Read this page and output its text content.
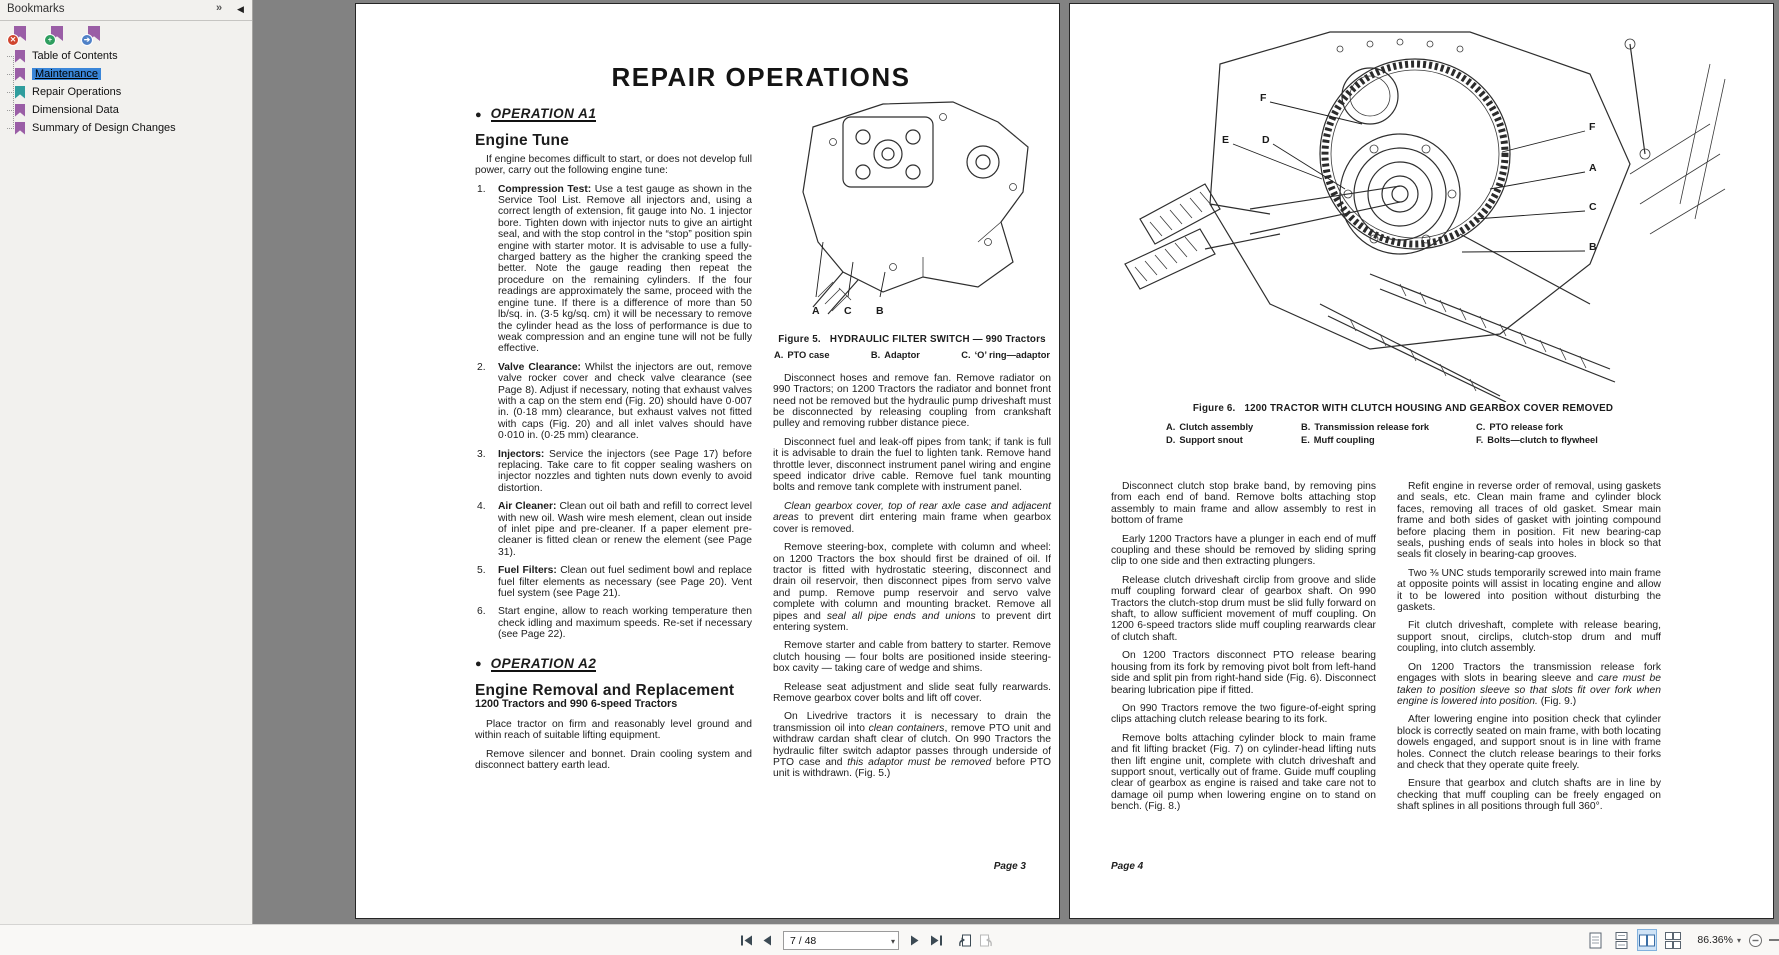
Bookmarks	» ◀
✕	+	➔
Table of Contents
Maintenance
Repair Operations
Dimensional Data
Summary of Design Changes
REPAIR OPERATIONS
● OPERATION A1
Engine Tune

If engine becomes difficult to start, or does not develop full power, carry out the following engine tune:

1.	Compression Test: Use a test gauge as shown in the Service Tool List. Remove all injectors and, using a correct length of extension, fit gauge into No. 1 injector bore. Tighten down with injector nuts to give an airtight seal, and with the stop control in the “stop” position spin engine with starter motor. It is advisable to use a fully-charged battery as the higher the cranking speed the better. Note the gauge reading then repeat the procedure on the remaining cylinders. If the four readings are approximately the same, proceed with the engine tune. If there is a difference of more than 50 lb/sq. in. (3·5 kg/sq. cm) it will be necessary to remove the cylinder head as the loss of performance is due to weak compression and an engine tune will not be fully effective.
2.	Valve Clearance: Whilst the injectors are out, remove valve rocker cover and check valve clearance (see Page 8). Adjust if necessary, noting that exhaust valves with a cap on the stem end (Fig. 20) should have 0·007 in. (0·18 mm) clearance, but exhaust valves not fitted with caps (Fig. 20) and all inlet valves should have 0·010 in. (0·25 mm) clearance.
3.	Injectors: Service the injectors (see Page 17) before replacing. Take care to fit copper sealing washers on injector nozzles and tighten nuts down evenly to avoid distortion.
4.	Air Cleaner: Clean out oil bath and refill to correct level with new oil. Wash wire mesh element, clean out inside of inlet pipe and pre-cleaner. If a paper element pre-cleaner is fitted clean or renew the element (see Page 31).
5.	Fuel Filters: Clean out fuel sediment bowl and replace fuel filter elements as necessary (see Page 20). Vent fuel system (see Page 21).
6.	Start engine, allow to reach working temperature then check idling and maximum speeds. Re-set if necessary (see Page 22).
● OPERATION A2
Engine Removal and Replacement
1200 Tractors and 990 6-speed Tractors

Place tractor on firm and reasonably level ground and within reach of suitable lifting equipment.

Remove silencer and bonnet. Drain cooling system and disconnect battery earth lead.

A C B
Figure 5. HYDRAULIC FILTER SWITCH — 990 Tractors
A. PTO case	B. Adaptor	C. ‘O’ ring—adaptor

Disconnect hoses and remove fan. Remove radiator on 990 Tractors; on 1200 Tractors the radiator and bonnet front need not be removed but the hydraulic pump driveshaft must be disconnected by releasing coupling from crankshaft pulley and removing rubber distance piece.

Disconnect fuel and leak-off pipes from tank; if tank is full it is advisable to drain the fuel to lighten tank. Remove hand throttle lever, disconnect instrument panel wiring and engine speed indicator drive cable. Remove fuel tank mounting bolts and remove tank complete with instrument panel.

Clean gearbox cover, top of rear axle case and adjacent areas to prevent dirt entering main frame when gearbox cover is removed.

Remove steering-box, complete with column and wheel: on 1200 Tractors the box should first be drained of oil. If tractor is fitted with hydrostatic steering, disconnect and drain oil reservoir, then disconnect pipes from servo valve and pump. Remove pump reservoir and servo valve complete with column and mounting bracket. Remove all pipes and seal all pipe ends and unions to prevent dirt entering system.

Remove starter and cable from battery to starter. Remove clutch housing — four bolts are positioned inside steering-box cavity — taking care of wedge and shims.

Release seat adjustment and slide seat fully rearwards. Remove gearbox cover bolts and lift off cover.

On Livedrive tractors it is necessary to drain the transmission oil into clean containers, remove PTO unit and withdraw cardan shaft clear of clutch. On 990 Tractors the hydraulic filter switch adaptor passes through underside of PTO case and this adaptor must be removed before PTO unit is withdrawn. (Fig. 5.)

Page 3
F
E	D
F
A
C
B
Figure 6. 1200 TRACTOR WITH CLUTCH HOUSING AND GEARBOX COVER REMOVED
A. Clutch assembly	B. Transmission release fork	C. PTO release fork
D. Support snout	E. Muff coupling	F. Bolts—clutch to flywheel

Disconnect clutch stop brake band, by removing pins from each end of band. Remove bolts attaching stop assembly to main frame and allow assembly to rest in bottom of frame

Early 1200 Tractors have a plunger in each end of muff coupling and these should be removed by sliding spring clip to one side and then extracting plungers.

Release clutch driveshaft circlip from groove and slide muff coupling forward clear of gearbox shaft. On 990 Tractors the clutch-stop drum must be slid fully forward on shaft, to allow sufficient movement of muff coupling. On 1200 6-speed tractors slide muff coupling rearwards clear of clutch shaft.

On 1200 Tractors disconnect PTO release bearing housing from its fork by removing pivot bolt from left-hand side and split pin from right-hand side (Fig. 6). Disconnect bearing lubrication pipe if fitted.

On 990 Tractors remove the two figure-of-eight spring clips attaching clutch release bearing to its fork.

Remove bolts attaching cylinder block to main frame and fit lifting bracket (Fig. 7) on cylinder-head lifting nuts then lift engine unit, complete with clutch driveshaft and support snout, vertically out of frame. Guide muff coupling clear of gearbox as engine is raised and take care not to damage oil pump when lowering engine on to stand on bench. (Fig. 8.)

Refit engine in reverse order of removal, using gaskets and seals, etc. Clean main frame and cylinder block faces, removing all traces of old gasket. Smear main frame and both sides of gasket with jointing compound before placing them in position. Fit new bearing-cap seals, pushing ends of seals into holes in block so that seals fit closely in bearing-cap grooves.

Two ⅜ UNC studs temporarily screwed into main frame at opposite points will assist in locating engine and allow it to be lowered into position without disturbing the gaskets.

Fit clutch driveshaft, complete with release bearing, support snout, circlips, clutch-stop drum and muff coupling, into clutch assembly.

On 1200 Tractors the transmission release fork engages with slots in bearing sleeve and care must be taken to position sleeve so that slots fit over fork when engine is lowered into position. (Fig. 9.)

After lowering engine into position check that cylinder block is correctly seated on main frame, with both locating dowels engaged, and support snout is in line with frame holes. Connect the clutch release bearings to their forks and check that they operate quite freely.

Ensure that gearbox and clutch shafts are in line by checking that muff coupling can be freely engaged on shaft splines in all positions through full 360°.

Page 4
7 / 48	▾	86.36% ▾
